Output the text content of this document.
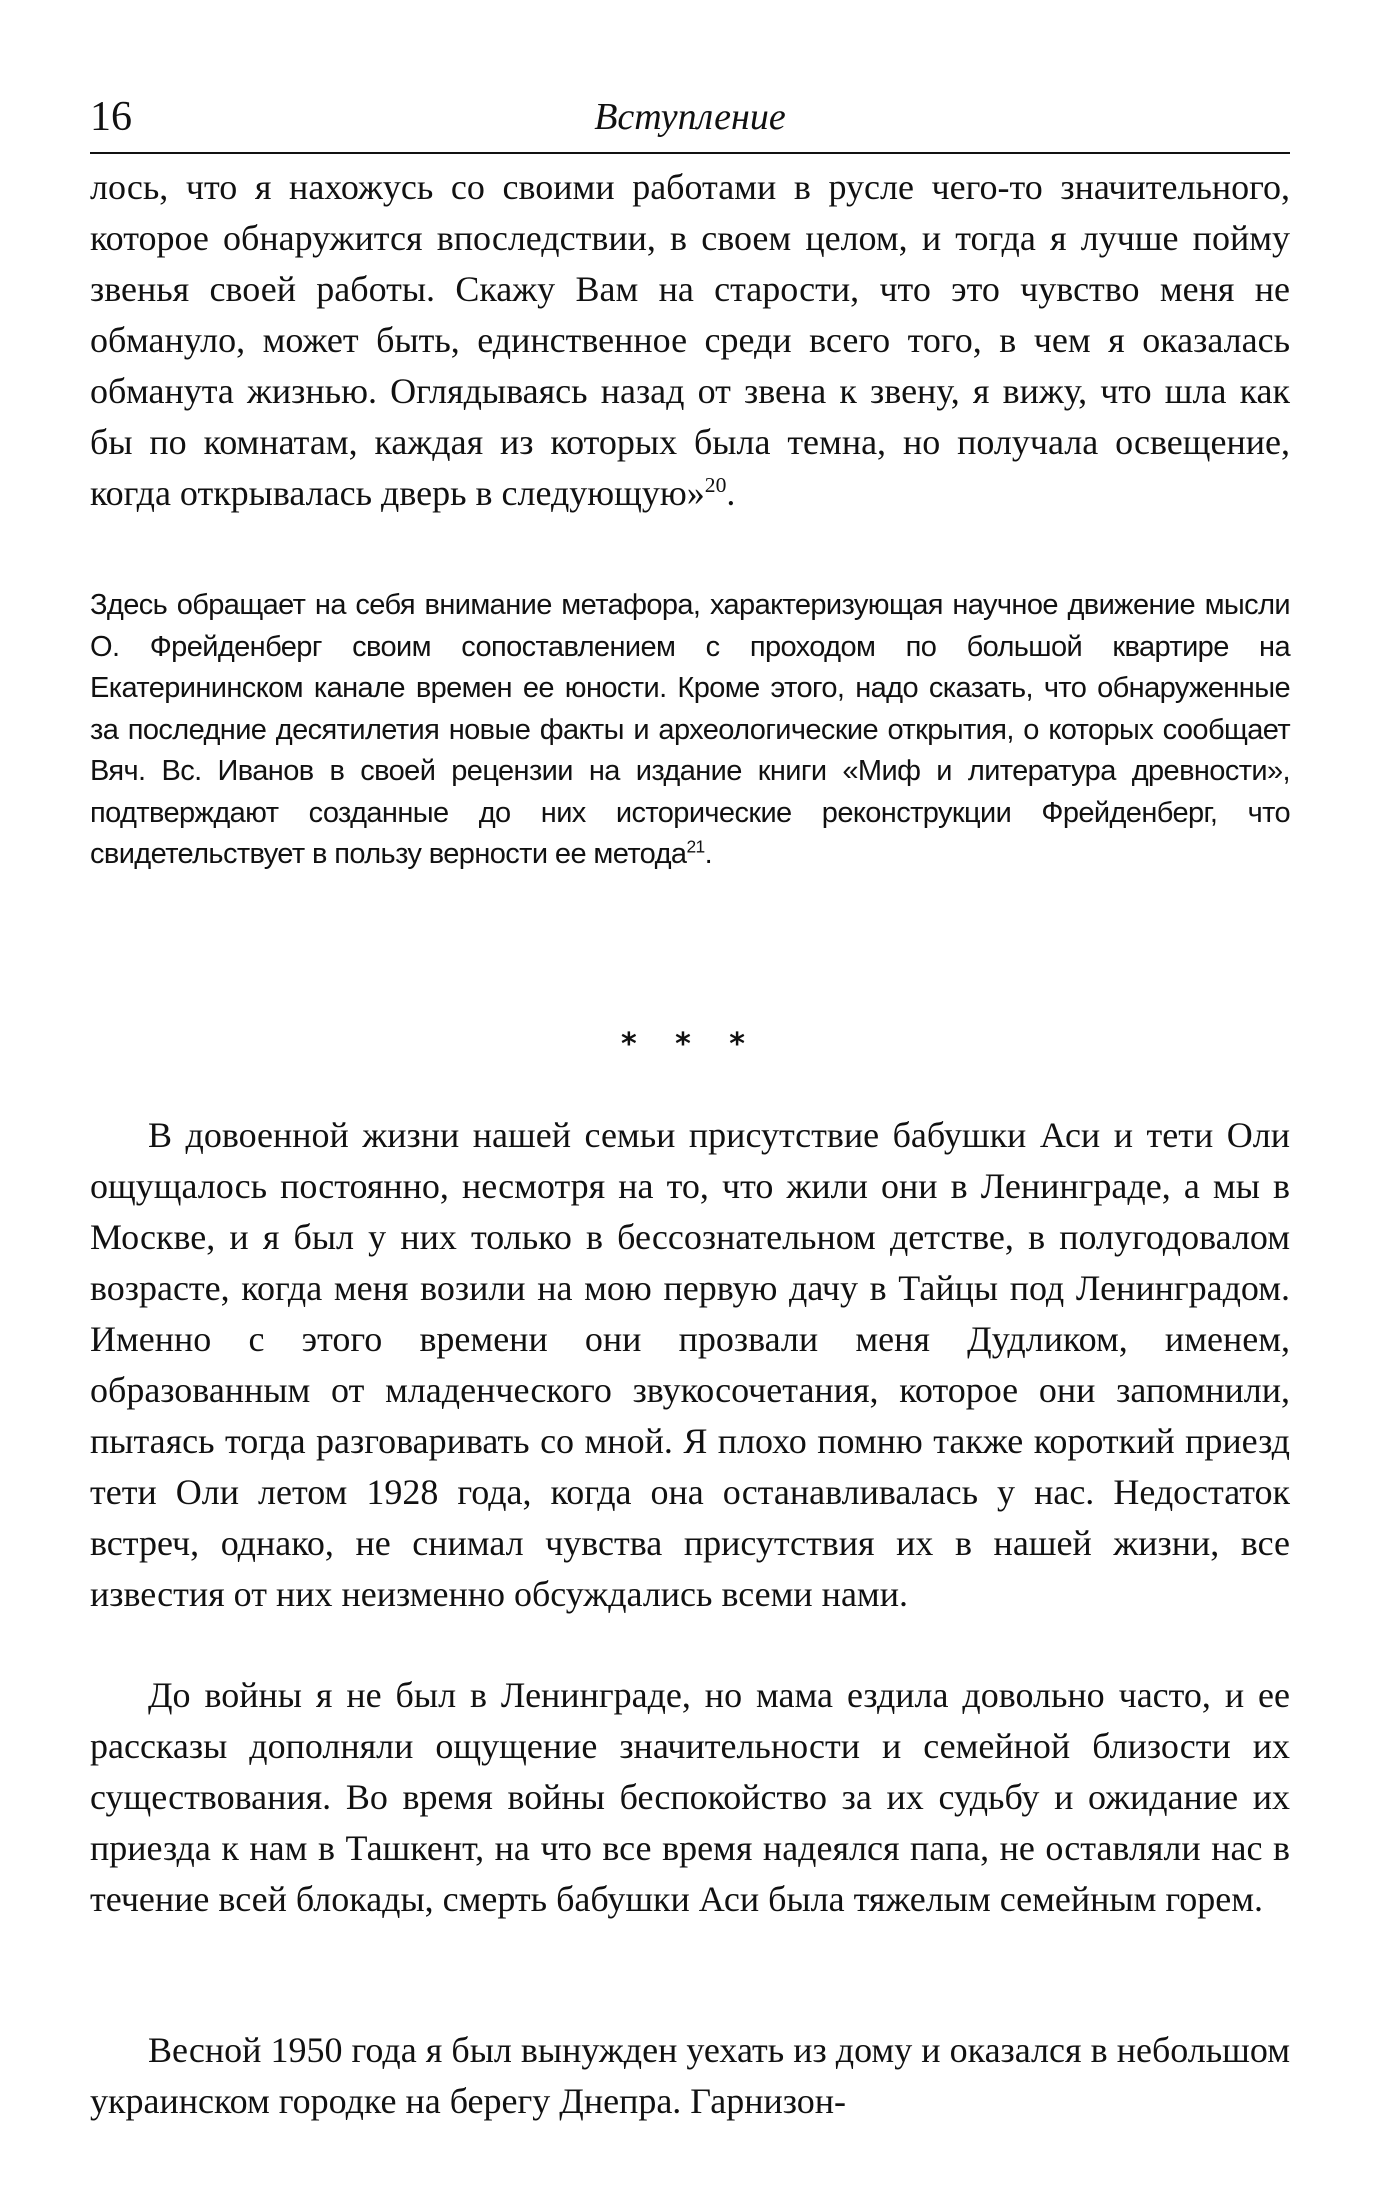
16	Вступление

лось, что я нахожусь со своими работами в русле чего-то значительного, которое обнаружится впоследствии, в своем целом, и тогда я лучше пойму звенья своей работы. Скажу Вам на старости, что это чувство меня не обмануло, может быть, единственное среди всего того, в чем я оказалась обманута жизнью. Оглядываясь назад от звена к звену, я вижу, что шла как бы по комнатам, каждая из которых была темна, но получала освещение, когда открывалась дверь в следующую»$^{20}$.

Здесь обращает на себя внимание метафора, характеризующая научное движение мысли О. Фрейденберг своим сопоставлением с проходом по большой квартире на Екатерининском канале времен ее юности. Кроме этого, надо сказать, что обнаруженные за последние десятилетия новые факты и археологические открытия, о которых сообщает Вяч. Вс. Иванов в своей рецензии на издание книги «Миф и литература древности», подтверждают созданные до них исторические реконструкции Фрейденберг, что свидетельствует в пользу верности ее метода$^{21}$.

* * *

В довоенной жизни нашей семьи присутствие бабушки Аси и тети Оли ощущалось постоянно, несмотря на то, что жили они в Ленинграде, а мы в Москве, и я был у них только в бессознательном детстве, в полугодовалом возрасте, когда меня возили на мою первую дачу в Тайцы под Ленинградом. Именно с этого времени они прозвали меня Дудликом, именем, образованным от младенческого звукосочетания, которое они запомнили, пытаясь тогда разговаривать со мной. Я плохо помню также короткий приезд тети Оли летом 1928 года, когда она останавливалась у нас. Недостаток встреч, однако, не снимал чувства присутствия их в нашей жизни, все известия от них неизменно обсуждались всеми нами.

До войны я не был в Ленинграде, но мама ездила довольно часто, и ее рассказы дополняли ощущение значительности и семейной близости их существования. Во время войны беспокойство за их судьбу и ожидание их приезда к нам в Ташкент, на что все время надеялся папа, не оставляли нас в течение всей блокады, смерть бабушки Аси была тяжелым семейным горем.

Весной 1950 года я был вынужден уехать из дому и оказался в небольшом украинском городке на берегу Днепра. Гарнизон-
